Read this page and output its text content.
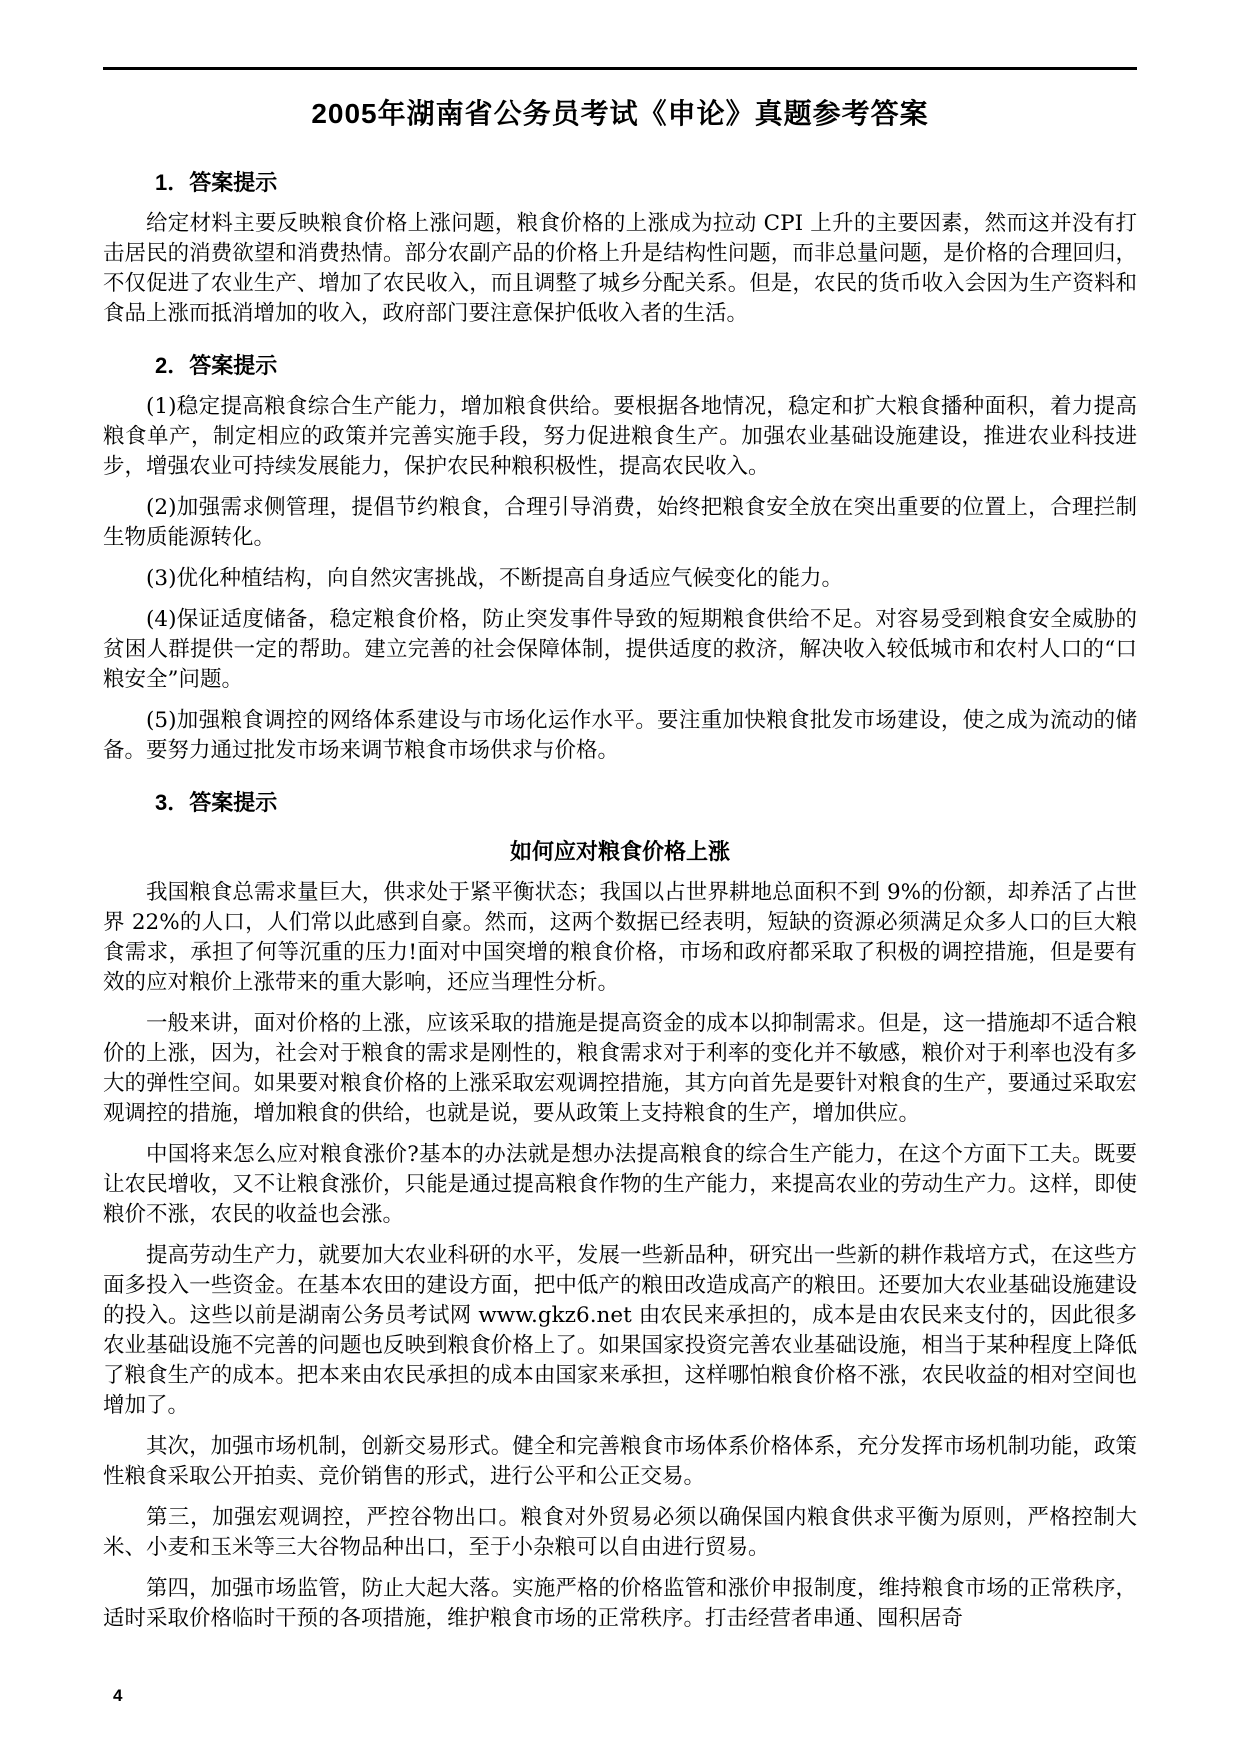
2005年湖南省公务员考试《申论》真题参考答案
1．答案提示

给定材料主要反映粮食价格上涨问题，粮食价格的上涨成为拉动 CPI 上升的主要因素，然而这并没有打击居民的消费欲望和消费热情。部分农副产品的价格上升是结构性问题，而非总量问题，是价格的合理回归，不仅促进了农业生产、增加了农民收入，而且调整了城乡分配关系。但是，农民的货币收入会因为生产资料和食品上涨而抵消增加的收入，政府部门要注意保护低收入者的生活。

2．答案提示

(1)稳定提高粮食综合生产能力，增加粮食供给。要根据各地情况，稳定和扩大粮食播种面积，着力提高粮食单产，制定相应的政策并完善实施手段，努力促进粮食生产。加强农业基础设施建设，推进农业科技进步，增强农业可持续发展能力，保护农民种粮积极性，提高农民收入。

(2)加强需求侧管理，提倡节约粮食，合理引导消费，始终把粮食安全放在突出重要的位置上，合理拦制生物质能源转化。

(3)优化种植结构，向自然灾害挑战，不断提高自身适应气候变化的能力。

(4)保证适度储备，稳定粮食价格，防止突发事件导致的短期粮食供给不足。对容易受到粮食安全威胁的贫困人群提供一定的帮助。建立完善的社会保障体制，提供适度的救济，解决收入较低城市和农村人口的“口粮安全”问题。

(5)加强粮食调控的网络体系建设与市场化运作水平。要注重加快粮食批发市场建设，使之成为流动的储备。要努力通过批发市场来调节粮食市场供求与价格。

3．答案提示
如何应对粮食价格上涨

我国粮食总需求量巨大，供求处于紧平衡状态；我国以占世界耕地总面积不到 9%的份额，却养活了占世界 22%的人口，人们常以此感到自豪。然而，这两个数据已经表明，短缺的资源必须满足众多人口的巨大粮食需求，承担了何等沉重的压力!面对中国突增的粮食价格，市场和政府都采取了积极的调控措施，但是要有效的应对粮价上涨带来的重大影响，还应当理性分析。

一般来讲，面对价格的上涨，应该采取的措施是提高资金的成本以抑制需求。但是，这一措施却不适合粮价的上涨，因为，社会对于粮食的需求是刚性的，粮食需求对于利率的变化并不敏感，粮价对于利率也没有多大的弹性空间。如果要对粮食价格的上涨采取宏观调控措施，其方向首先是要针对粮食的生产，要通过采取宏观调控的措施，增加粮食的供给，也就是说，要从政策上支持粮食的生产，增加供应。

中国将来怎么应对粮食涨价?基本的办法就是想办法提高粮食的综合生产能力，在这个方面下工夫。既要让农民增收，又不让粮食涨价，只能是通过提高粮食作物的生产能力，来提高农业的劳动生产力。这样，即使粮价不涨，农民的收益也会涨。

提高劳动生产力，就要加大农业科研的水平，发展一些新品种，研究出一些新的耕作栽培方式，在这些方面多投入一些资金。在基本农田的建设方面，把中低产的粮田改造成高产的粮田。还要加大农业基础设施建设的投入。这些以前是湖南公务员考试网 www.gkz6.net 由农民来承担的，成本是由农民来支付的，因此很多农业基础设施不完善的问题也反映到粮食价格上了。如果国家投资完善农业基础设施，相当于某种程度上降低了粮食生产的成本。把本来由农民承担的成本由国家来承担，这样哪怕粮食价格不涨，农民收益的相对空间也增加了。

其次，加强市场机制，创新交易形式。健全和完善粮食市场体系价格体系，充分发挥市场机制功能，政策性粮食采取公开拍卖、竞价销售的形式，进行公平和公正交易。

第三，加强宏观调控，严控谷物出口。粮食对外贸易必须以确保国内粮食供求平衡为原则，严格控制大米、小麦和玉米等三大谷物品种出口，至于小杂粮可以自由进行贸易。

第四，加强市场监管，防止大起大落。实施严格的价格监管和涨价申报制度，维持粮食市场的正常秩序，适时采取价格临时干预的各项措施，维护粮食市场的正常秩序。打击经营者串通、囤积居奇

4
